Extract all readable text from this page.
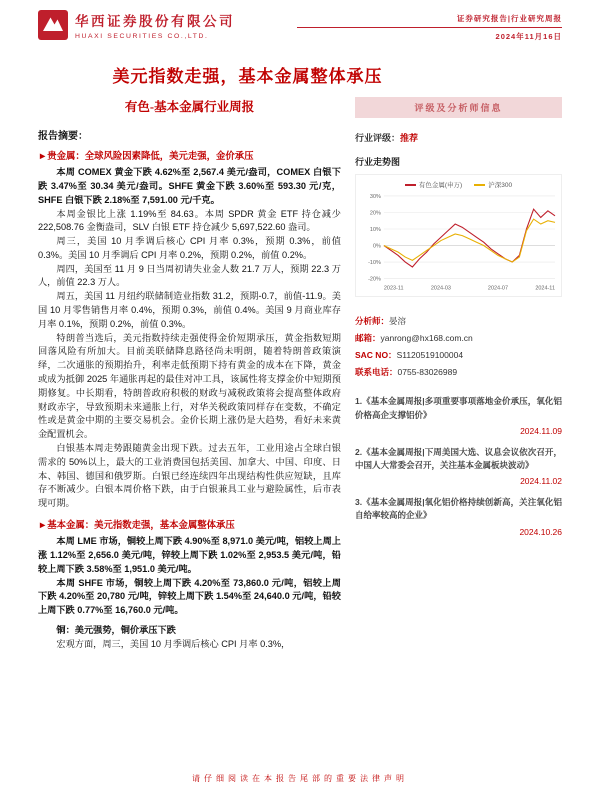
华西证券股份有限公司
HUAXI SECURITIES CO.,LTD.
证券研究报告|行业研究周报
2024年11月16日
美元指数走强，基本金属整体承压
有色-基本金属行业周报
报告摘要：
►贵金属：全球风险因素降低，美元走强，金价承压

本周 COMEX 黄金下跌 4.62%至 2,567.4 美元/盎司，COMEX 白银下跌 3.47%至 30.34 美元/盎司。SHFE 黄金下跌 3.60%至 593.30 元/克，SHFE 白银下跌 2.18%至 7,591.00 元/千克。

本周金银比上涨 1.19%至 84.63。本周 SPDR 黄金 ETF 持仓减少 222,508.76 金衡盎司，SLV 白银 ETF 持仓减少 5,697,522.60 盎司。

周三，美国 10 月季调后核心 CPI 月率 0.3%，预期 0.3%，前值 0.3%。美国 10 月季调后 CPI 月率 0.2%，预期 0.2%，前值 0.2%。

周四，美国至 11 月 9 日当周初请失业金人数 21.7 万人，预期 22.3 万人，前值 22.3 万人。

周五，美国 11 月纽约联储制造业指数 31.2，预期-0.7，前值-11.9。美国 10 月零售销售月率 0.4%，预期 0.3%，前值 0.4%。美国 9 月商业库存月率 0.1%，预期 0.2%，前值 0.3%。

特朗普当选后，美元指数持续走强使得金价短期承压，黄金指数短期回落风险有所加大。目前美联储降息路径尚未明朗，随着特朗普政策演绎，二次通胀的预期抬升，利率走低预期下持有黄金的成本在下降，黄金或成为抵御 2025 年通胀再起的最佳对冲工具，该属性将支撑金价中短期预期修复。中长期看，特朗普政府积极的财政与减税政策将会提高整体政府财政赤字，导致预期未来通胀上行，对华关税政策同样存在变数，不确定性或是黄金中期的主要交易机会。金价长期上涨仍是大趋势，看好未来黄金配置机会。

白银基本周走势跟随黄金出现下跌。过去五年，工业用途占全球白银需求的 50%以上，最大的工业消费国包括美国、加拿大、中国、印度、日本、韩国、德国和俄罗斯。白银已经连续四年出现结构性供应短缺，且库存不断减少。白银本周价格下跌，由于白银兼具工业与避险属性，后市表现可期。

►基本金属：美元指数走强，基本金属整体承压

本周 LME 市场，铜较上周下跌 4.90%至 8,971.0 美元/吨，铝较上周上涨 1.12%至 2,656.0 美元/吨，锌较上周下跌 1.02%至 2,953.5 美元/吨，铅较上周下跌 3.58%至 1,951.0 美元/吨。

本周 SHFE 市场，铜较上周下跌 4.20%至 73,860.0 元/吨，铝较上周下跌 4.20%至 20,780 元/吨，锌较上周下跌 1.54%至 24,640.0 元/吨，铅较上周下跌 0.77%至 16,760.0 元/吨。

铜：美元强势，铜价承压下跌

宏观方面，周三，美国 10 月季调后核心 CPI 月率 0.3%，

评级及分析师信息
行业评级：推荐
行业走势图
有色金属(申万)	沪深300
30%
20%
10%
0%
-10%
-20%
2023-11	2024-03	2024-07	2024-11
分析师：晏溶
邮箱：yanrong@hx168.com.cn
SAC NO：S1120519100004
联系电话：0755-83026989
1.《基本金属周报|多项重要事项落地金价承压，氧化铝价格高企支撑铝价》
2024.11.09
2.《基本金属周报|下周美国大选、议息会议依次召开，中国人大常委会召开，关注基本金属板块波动》
2024.11.02
3.《基本金属周报|氧化铝价格持续创新高，关注氧化铝自给率较高的企业》
2024.10.26
请仔细阅读在本报告尾部的重要法律声明
